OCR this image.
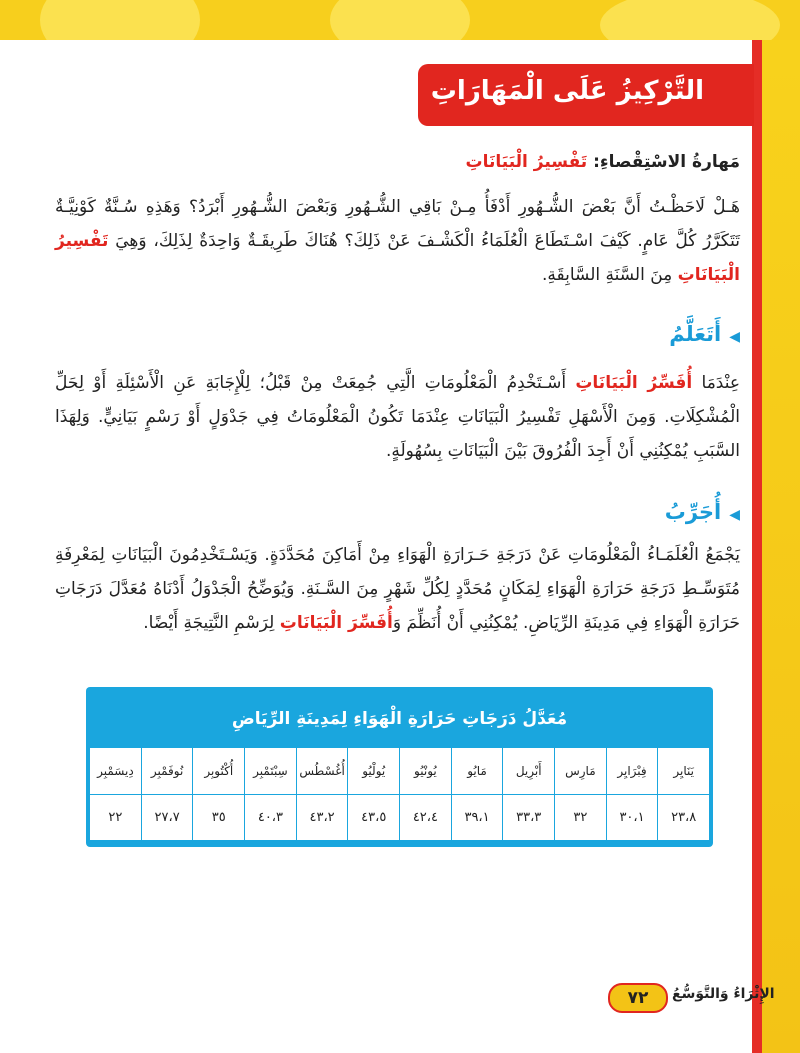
التَّرْكِيزُ عَلَى الْمَهَارَاتِ
مَهارةُ الاسْتِقْصاءِ: تَفْسِيرُ الْبَيَانَاتِ
هَـلْ لَاحَظْـتُ أَنَّ بَعْضَ الشُّـهُورِ أَدْفَأُ مِـنْ بَاقِي الشُّـهُورِ وَبَعْضَ الشُّـهُورِ أَبْرَدُ؟ وَهَذِهِ سُـنَّةٌ كَوْنِيَّـةٌ تَتَكَرَّرُ كُلَّ عَامٍ. كَيْفَ اسْـتَطَاعَ الْعُلَمَاءُ الْكَشْـفَ عَنْ ذَلِكَ؟ هُنَاكَ طَرِيقَـةٌ وَاحِدَةٌ لِذَلِكَ، وَهِيَ تَفْسِيرُ الْبَيَانَاتِ مِنَ السَّنَةِ السَّابِقَةِ.
◀أَتَعَلَّمُ
عِنْدَمَا أُفَسِّرُ الْبَيَانَاتِ أَسْـتَخْدِمُ الْمَعْلُومَاتِ الَّتِي جُمِعَتْ مِنْ قَبْلُ؛ لِلْإِجَابَةِ عَنِ الْأَسْئِلَةِ أَوْ لِحَلِّ الْمُشْكِلَاتِ. وَمِنَ الْأَسْهَلِ تَفْسِيرُ الْبَيَانَاتِ عِنْدَمَا تَكُونُ الْمَعْلُومَاتُ فِي جَدْوَلٍ أَوْ رَسْمٍ بَيَانِيٍّ. وَلِهَذَا السَّبَبِ يُمْكِنُنِي أَنْ أَجِدَ الْفُرُوقَ بَيْنَ الْبَيَانَاتِ بِسُهُولَةٍ.
◀أُجَرِّبُ
يَجْمَعُ الْعُلَمَـاءُ الْمَعْلُومَاتِ عَنْ دَرَجَةِ حَـرَارَةِ الْهَوَاءِ مِنْ أَمَاكِنَ مُحَدَّدَةٍ. وَيَسْـتَخْدِمُونَ الْبَيَانَاتِ لِمَعْرِفَةِ مُتَوَسِّـطِ دَرَجَةِ حَرَارَةِ الْهَوَاءِ لِمَكَانٍ مُحَدَّدٍ لِكُلِّ شَهْرٍ مِنَ السَّـنَةِ. وَيُوَضِّحُ الْجَدْوَلُ أَدْنَاهُ مُعَدَّلَ دَرَجَاتِ حَرَارَةِ الْهَوَاءِ فِي مَدِينَةِ الرِّيَاضِ. يُمْكِنُنِي أَنْ أُنَظِّمَ وَأُفَسِّرَ الْبَيَانَاتِ لِرَسْمِ النَّتِيجَةِ أَيْضًا.
مُعَدَّلُ دَرَجَاتِ حَرَارَةِ الْهَوَاءِ لِمَدِينَةِ الرِّيَاضِ
يَنَايِر	فِبْرَايِر	مَارِس	أَبْرِيل	مَايُو	يُونْيُو	يُولْيُو	أُغُسْطُس	سِبْتَمْبِر	أُكْتُوبِر	نُوفَمْبِر	دِيسَمْبِر
٢٣،٨	٣٠،١	٣٢	٣٣،٣	٣٩،١	٤٢،٤	٤٣،٥	٤٣،٢	٤٠،٣	٣٥	٢٧،٧	٢٢
٧٢	الإِثْرَاءُ وَالتَّوَسُّعُ
